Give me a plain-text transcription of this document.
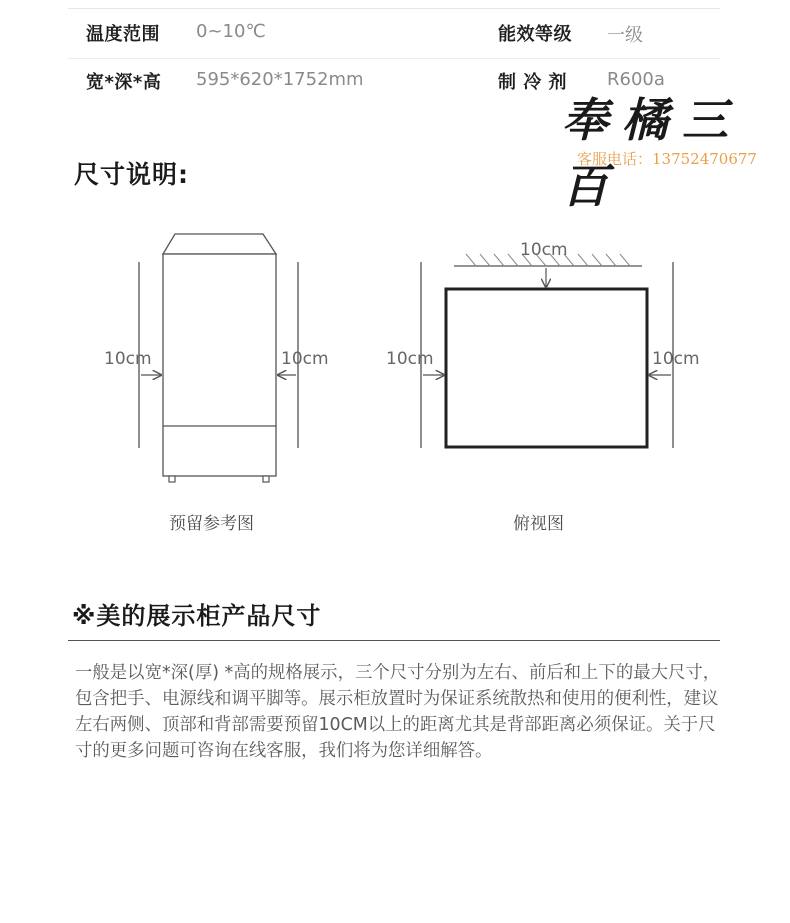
温度范围 0~10℃	能效等级 一级
宽*深*高 595*620*1752mm	制 冷 剂 R600a
奉橘三百
客服电话：13752470677
尺寸说明:
10cm	10cm
10cm
10cm	10cm
预留参考图	俯视图
※美的展示柜产品尺寸
一般是以宽*深(厚) *高的规格展示，三个尺寸分别为左右、前后和上下的最大尺寸，包含把手、电源线和调平脚等。展示柜放置时为保证系统散热和使用的便利性，建议左右两侧、顶部和背部需要预留10CM以上的距离尤其是背部距离必须保证。关于尺寸的更多问题可咨询在线客服，我们将为您详细解答。
